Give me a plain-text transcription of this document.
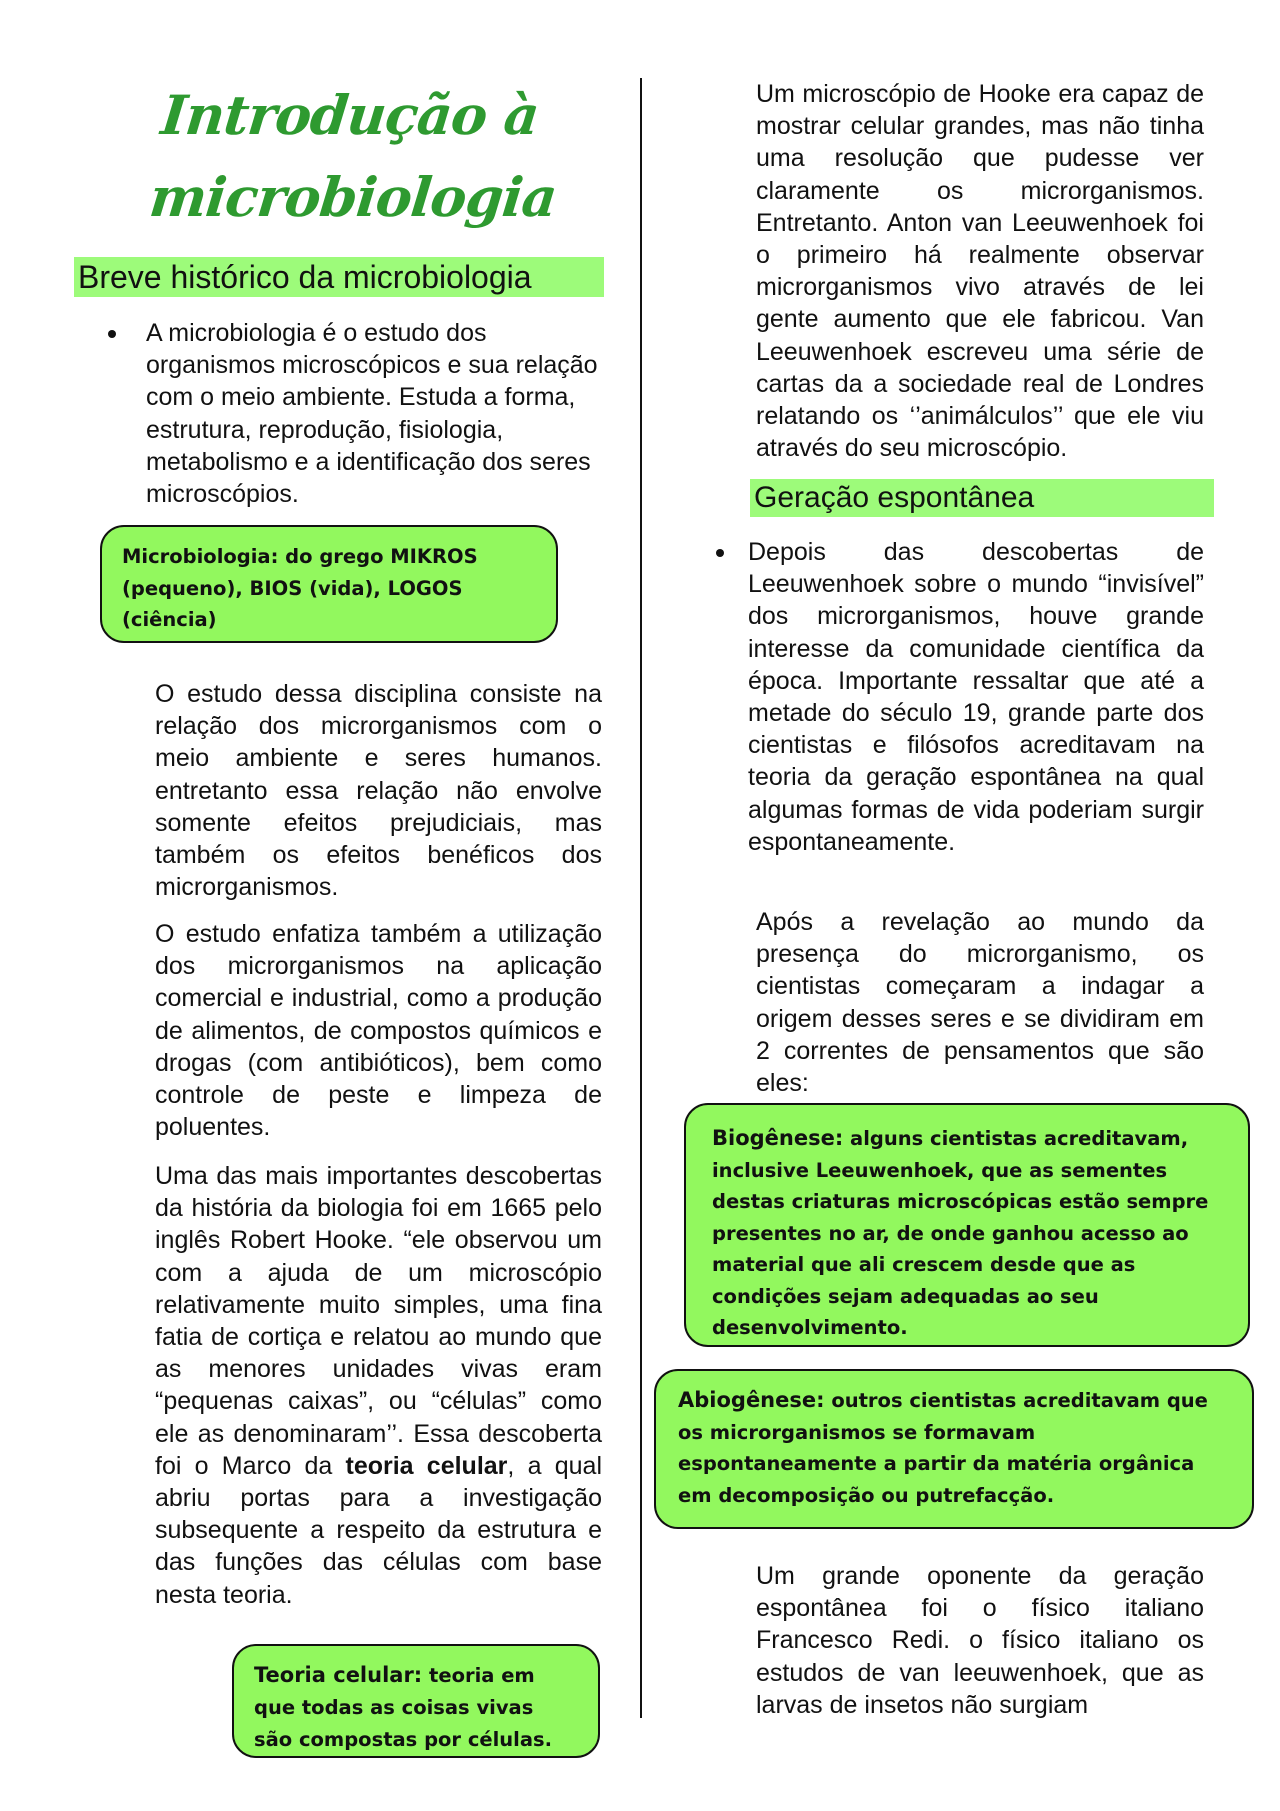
Introdução à
microbiologia
Breve histórico da microbiologia
A microbiologia é o estudo dos organismos microscópicos e sua relação com o meio ambiente. Estuda a forma, estrutura, reprodução, fisiologia, metabolismo e a identificação dos seres microscópios.
Microbiologia: do grego MIKROS (pequeno), BIOS (vida), LOGOS (ciência)
O estudo dessa disciplina consiste na relação dos microrganismos com o meio ambiente e seres humanos. entretanto essa relação não envolve somente efeitos prejudiciais, mas também os efeitos benéficos dos microrganismos.
O estudo enfatiza também a utilização dos microrganismos na aplicação comercial e industrial, como a produção de alimentos, de compostos químicos e drogas (com antibióticos), bem como controle de peste e limpeza de poluentes.
Uma das mais importantes descobertas da história da biologia foi em 1665 pelo inglês Robert Hooke. “ele observou um com a ajuda de um microscópio relativamente muito simples, uma fina fatia de cortiça e relatou ao mundo que as menores unidades vivas eram “pequenas caixas”, ou “células” como ele as denominaram’’. Essa descoberta foi o Marco da teoria celular, a qual abriu portas para a investigação subsequente a respeito da estrutura e das funções das células com base nesta teoria.
Teoria celular: teoria em que todas as coisas vivas são compostas por células.
Um microscópio de Hooke era capaz de mostrar celular grandes, mas não tinha uma resolução que pudesse ver claramente os microrganismos. Entretanto. Anton van Leeuwenhoek foi o primeiro há realmente observar microrganismos vivo através de lei gente aumento que ele fabricou. Van Leeuwenhoek escreveu uma série de cartas da a sociedade real de Londres relatando os ‘’animálculos’’ que ele viu através do seu microscópio.
Geração espontânea
Depois das descobertas de Leeuwenhoek sobre o mundo “invisível” dos microrganismos, houve grande interesse da comunidade científica da época. Importante ressaltar que até a metade do século 19, grande parte dos cientistas e filósofos acreditavam na teoria da geração espontânea na qual algumas formas de vida poderiam surgir espontaneamente.
Após a revelação ao mundo da presença do microrganismo, os cientistas começaram a indagar a origem desses seres e se dividiram em 2 correntes de pensamentos que são eles:
Biogênese: alguns cientistas acreditavam, inclusive Leeuwenhoek, que as sementes destas criaturas microscópicas estão sempre presentes no ar, de onde ganhou acesso ao material que ali crescem desde que as condições sejam adequadas ao seu desenvolvimento.
Abiogênese: outros cientistas acreditavam que os microrganismos se formavam espontaneamente a partir da matéria orgânica em decomposição ou putrefacção.
Um grande oponente da geração espontânea foi o físico italiano Francesco Redi. o físico italiano os estudos de van leeuwenhoek, que as larvas de insetos não surgiam
